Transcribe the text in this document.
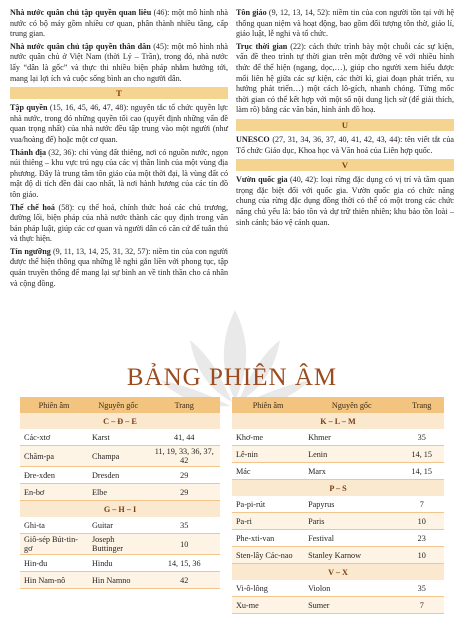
Nhà nước quân chủ tập quyền quan liêu (46): một mô hình nhà nước có bộ máy gồm nhiều cơ quan, phân thành nhiều tầng, cấp trung gian.

Nhà nước quân chủ tập quyền thân dân (45): một mô hình nhà nước quân chủ ở Việt Nam (thời Lý – Trần), trong đó, nhà nước lấy “dân là gốc” và thực thi nhiều biện pháp nhằm hướng tới, mang lại lợi ích và cuộc sống bình an cho người dân.

T

Tập quyền (15, 16, 45, 46, 47, 48): nguyên tắc tổ chức quyền lực nhà nước, trong đó những quyền tối cao (quyết định những vấn đề quan trọng nhất) của nhà nước đều tập trung vào một người (như vua/hoàng đế) hoặc một cơ quan.

Thánh địa (32, 36): chỉ vùng đất thiêng, nơi có nguồn nước, ngọn núi thiêng – khu vực trú ngụ của các vị thần linh của một vùng địa phương. Đây là trung tâm tôn giáo của một thời đại, là vùng đất có mật độ di tích đền đài cao nhất, là nơi hành hương của các tín đồ tôn giáo.

Thể chế hoá (58): cụ thể hoá, chính thức hoá các chủ trương, đường lối, biện pháp của nhà nước thành các quy định trong văn bản pháp luật, giúp các cơ quan và người dân có căn cứ để tuân thủ và thực hiện.

Tín ngưỡng (9, 11, 13, 14, 25, 31, 32, 57): niềm tin của con người được thể hiện thông qua những lễ nghi gắn liền với phong tục, tập quán truyền thống để mang lại sự bình an về tinh thần cho cá nhân và cộng đồng.

Tôn giáo (9, 12, 13, 14, 52): niềm tin của con người tồn tại với hệ thống quan niệm và hoạt động, bao gồm đối tượng tôn thờ, giáo lí, giáo luật, lễ nghi và tổ chức.

Trục thời gian (22): cách thức trình bày một chuỗi các sự kiện, vấn đề theo trình tự thời gian trên một đường vẽ với nhiều hình thức để thể hiện (ngang, dọc,…), giúp cho người xem hiểu được mối liên hệ giữa các sự kiện, các thời kì, giai đoạn phát triển, xu hướng phát triển…) một cách lô-gích, nhanh chóng. Từng mốc thời gian có thể kết hợp với một số nội dung lịch sử (để giải thích, làm rõ) bằng các văn bản, hình ảnh đồ hoạ.

U

UNESCO (27, 31, 34, 36, 37, 40, 41, 42, 43, 44): tên viết tắt của Tổ chức Giáo dục, Khoa học và Văn hoá của Liên hợp quốc.

V

Vườn quốc gia (40, 42): loại rừng đặc dụng có vị trí và tầm quan trọng đặc biệt đối với quốc gia. Vườn quốc gia có chức năng chung của rừng đặc dụng đồng thời có thể có một trong các chức năng chủ yếu là: bảo tồn và dự trữ thiên nhiên; khu bảo tồn loài – sinh cảnh; bảo vệ cảnh quan.

BẢNG PHIÊN ÂM
Phiên âm	Nguyên gốc	Trang
C – Đ – E		
Các-xtơ	Karst	41, 44
Chăm-pa	Champa	11, 19, 33, 36, 37, 42
Đre-xđen	Dresden	29
En-bơ	Elbe	29
G – H – I		
Ghi-ta	Guitar	35
Giô-sép Bút-tin-gơ	Joseph Buttinger	10
Hin-đu	Hindu	14, 15, 36
Hin Nam-nô	Hin Namno	42
Phiên âm	Nguyên gốc	Trang
K – L – M		
Khơ-me	Khmer	35
Lê-nin	Lenin	14, 15
Mác	Marx	14, 15
P – S		
Pa-pi-rút	Papyrus	7
Pa-ri	Paris	10
Phe-xti-van	Festival	23
Sten-lây Các-nao	Stanley Karnow	10
V – X		
Vi-ô-lông	Violon	35
Xu-me	Sumer	7
